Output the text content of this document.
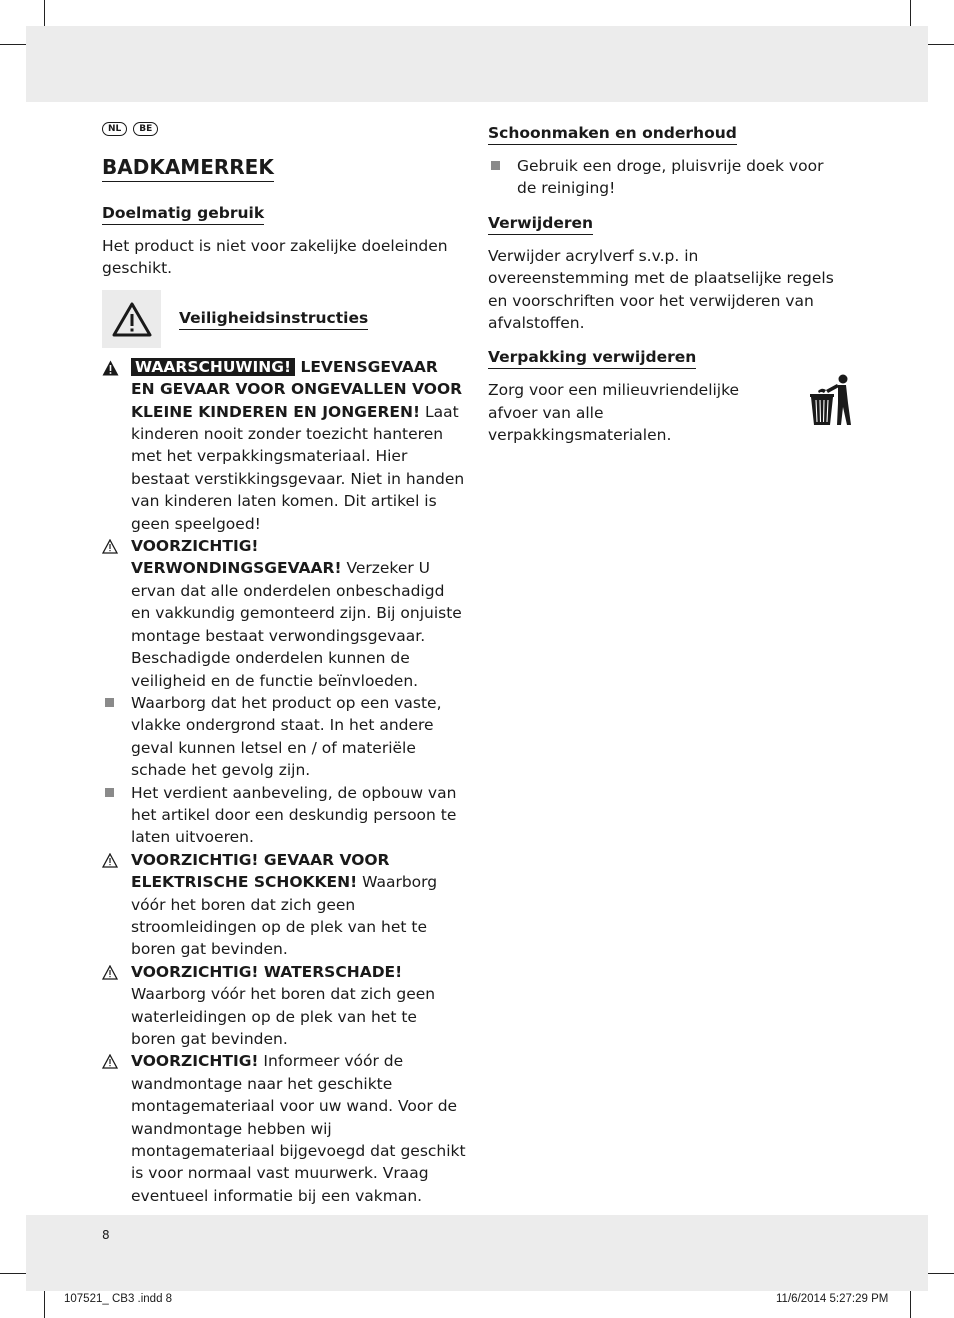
NL	BE
BADKAMERREK
Doelmatig gebruik
Het product is niet voor zakelijke doeleinden geschikt.
Veiligheidsinstructies
WAARSCHUWING! LEVENSGEVAAR EN GEVAAR VOOR ONGEVALLEN VOOR KLEINE KINDEREN EN JONGEREN! Laat kinderen nooit zonder toezicht hanteren met het verpakkingsmateriaal. Hier bestaat verstikkingsgevaar. Niet in handen van kinderen laten komen. Dit artikel is geen speelgoed!
VOORZICHTIG! VERWONDINGSGEVAAR! Verzeker U ervan dat alle onderdelen onbeschadigd en vakkundig gemonteerd zijn. Bij onjuiste montage bestaat verwondingsgevaar. Beschadigde onderdelen kunnen de veiligheid en de functie beïnvloeden.
Waarborg dat het product op een vaste, vlakke ondergrond staat. In het andere geval kunnen letsel en / of materiële schade het gevolg zijn.
Het verdient aanbeveling, de opbouw van het artikel door een deskundig persoon te laten uitvoeren.
VOORZICHTIG! GEVAAR VOOR ELEKTRISCHE SCHOKKEN! Waarborg vóór het boren dat zich geen stroomleidingen op de plek van het te boren gat bevinden.
VOORZICHTIG! WATERSCHADE! Waarborg vóór het boren dat zich geen waterleidingen op de plek van het te boren gat bevinden.
VOORZICHTIG! Informeer vóór de wandmontage naar het geschikte montagemateriaal voor uw wand. Voor de wandmontage hebben wij montagemateriaal bijgevoegd dat geschikt is voor normaal vast muurwerk. Vraag eventueel informatie bij een vakman.
Schoonmaken en onderhoud
Gebruik een droge, pluisvrije doek voor de reiniging!
Verwijderen
Verwijder acrylverf s.v.p. in overeenstemming met de plaatselijke regels en voorschriften voor het verwijderen van afvalstoffen.
Verpakking verwijderen
Zorg voor een milieuvriendelijke afvoer van alle verpakkingsmaterialen.
8
107521_ CB3 .indd 8	11/6/2014 5:27:29 PM
